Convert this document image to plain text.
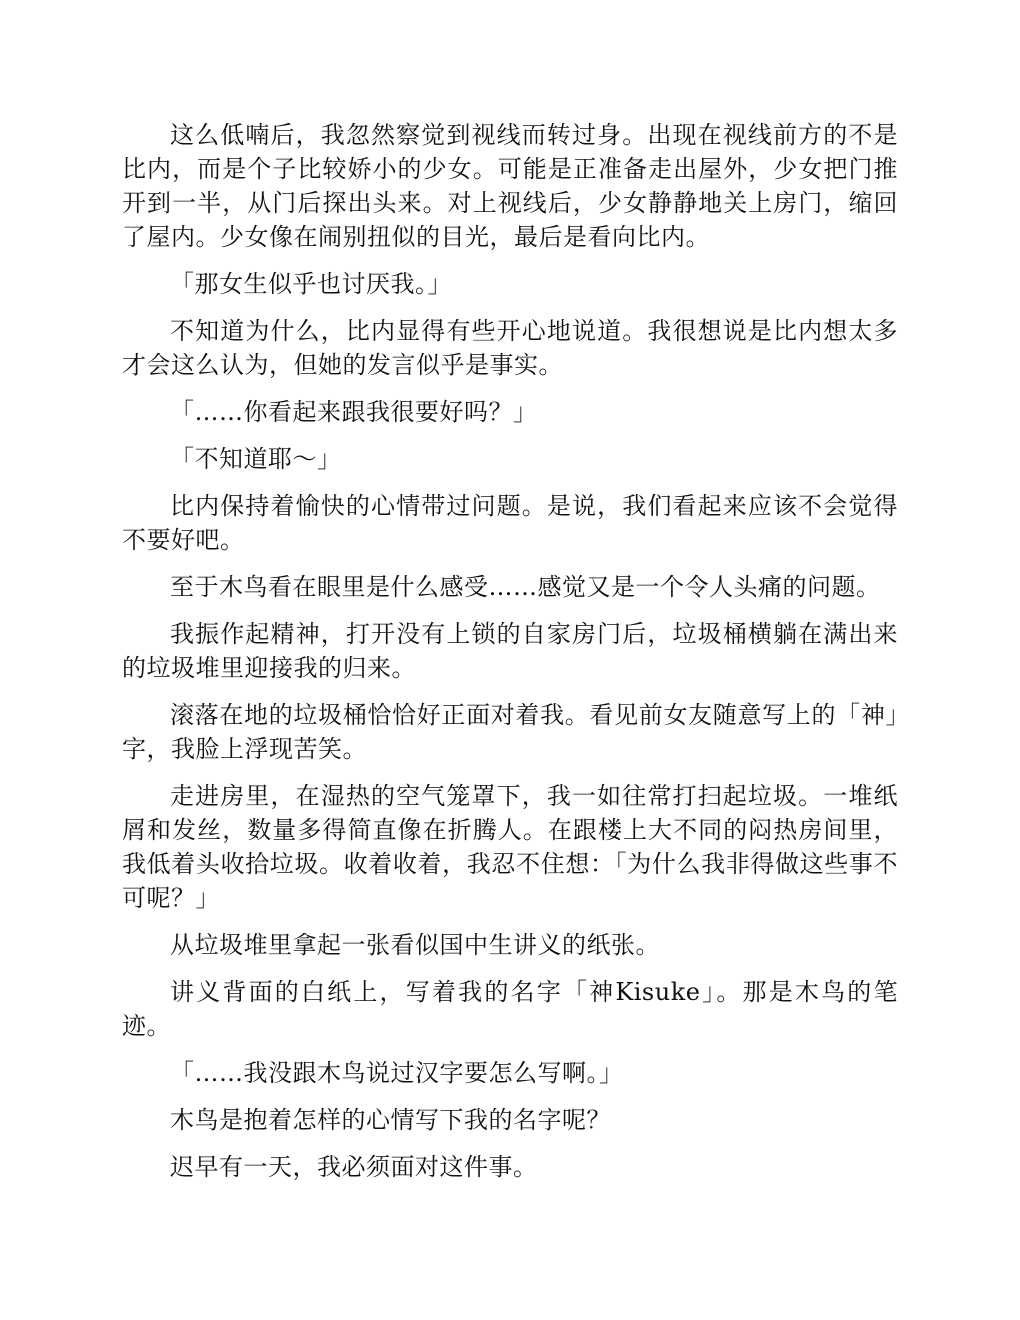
这么低喃后，我忽然察觉到视线而转过身。出现在视线前方的不是比内，而是个子比较娇小的少女。可能是正准备走出屋外，少女把门推开到一半，从门后探出头来。对上视线后，少女静静地关上房门，缩回了屋内。少女像在闹别扭似的目光，最后是看向比内。

「那女生似乎也讨厌我。」

不知道为什么，比内显得有些开心地说道。我很想说是比内想太多才会这么认为，但她的发言似乎是事实。

「……你看起来跟我很要好吗？」

「不知道耶～」

比内保持着愉快的心情带过问题。是说，我们看起来应该不会觉得不要好吧。

至于木鸟看在眼里是什么感受……感觉又是一个令人头痛的问题。

我振作起精神，打开没有上锁的自家房门后，垃圾桶横躺在满出来的垃圾堆里迎接我的归来。

滚落在地的垃圾桶恰恰好正面对着我。看见前女友随意写上的「神」字，我脸上浮现苦笑。

走进房里，在湿热的空气笼罩下，我一如往常打扫起垃圾。一堆纸屑和发丝，数量多得简直像在折腾人。在跟楼上大不同的闷热房间里，我低着头收拾垃圾。收着收着，我忍不住想：「为什么我非得做这些事不可呢？」

从垃圾堆里拿起一张看似国中生讲义的纸张。

讲义背面的白纸上，写着我的名字「神Kisuke」。那是木鸟的笔迹。

「……我没跟木鸟说过汉字要怎么写啊。」

木鸟是抱着怎样的心情写下我的名字呢？

迟早有一天，我必须面对这件事。
